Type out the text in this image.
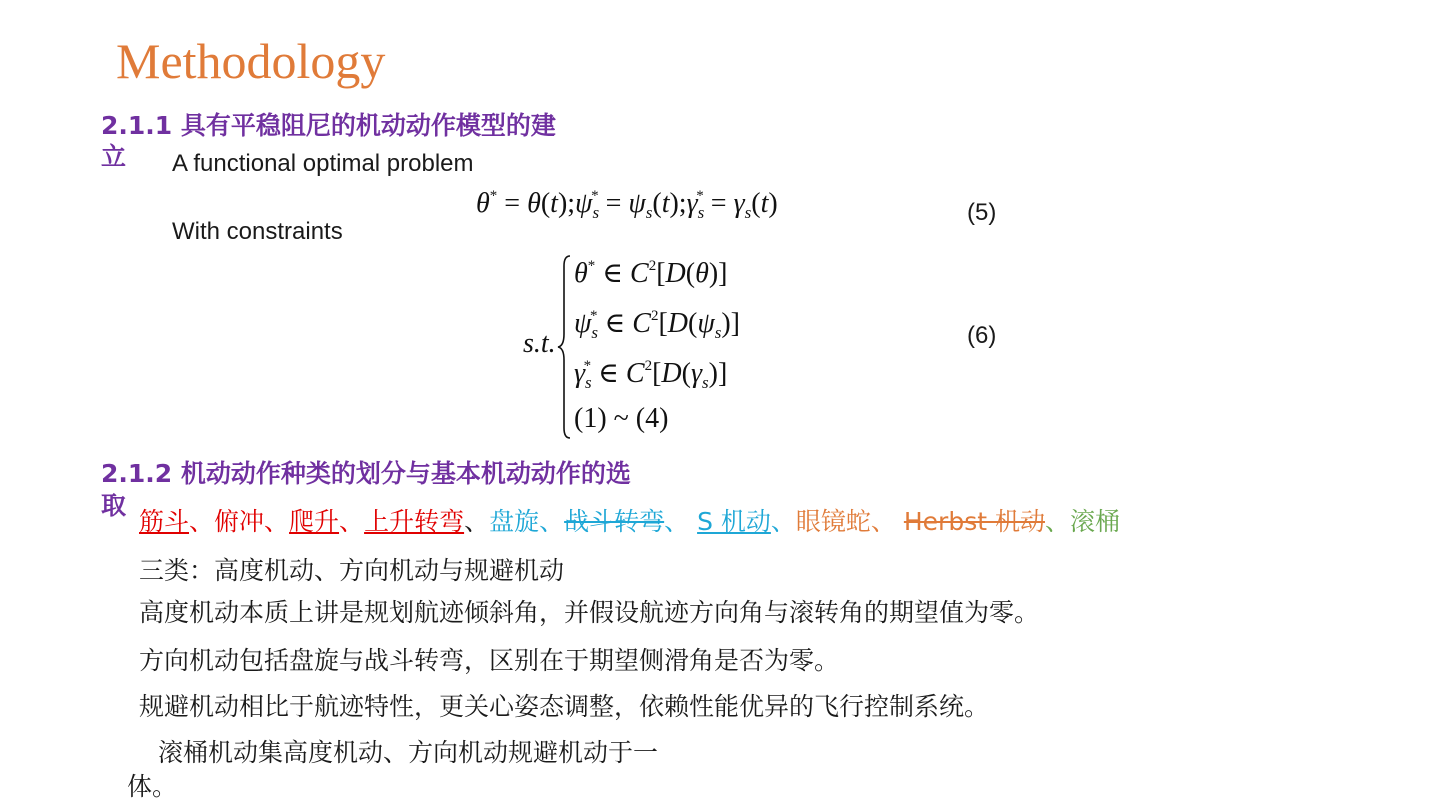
Methodology
2.1.1 具有平稳阻尼的机动动作模型的建
立 A functional optimal problem
With constraints
$\theta^* = \theta(t);\psi_s^*$ = $\psi_s(t);\gamma_s^* = \gamma_s(t)$	(5)
s.t.
θ* ∈ $C^2[D(\theta)]$
$\psi_s^*$ ∈ $C^2[D(\psi_s)]$
$\gamma_s^*$ ∈ $C^2[D(\gamma_s)]$
(1) ~ (4)
(6)
2.1.2 机动动作种类的划分与基本机动动作的选
取
筋斗、俯冲、爬升、上升转弯、盘旋、战斗转弯、 S 机动、眼镜蛇、 Herbst 机动、滚桶
三类：高度机动、方向机动与规避机动
高度机动本质上讲是规划航迹倾斜角，并假设航迹方向角与滚转角的期望值为零。
方向机动包括盘旋与战斗转弯，区别在于期望侧滑角是否为零。
规避机动相比于航迹特性，更关心姿态调整，依赖性能优异的飞行控制系统。
滚桶机动集高度机动、方向机动规避机动于一
体。
